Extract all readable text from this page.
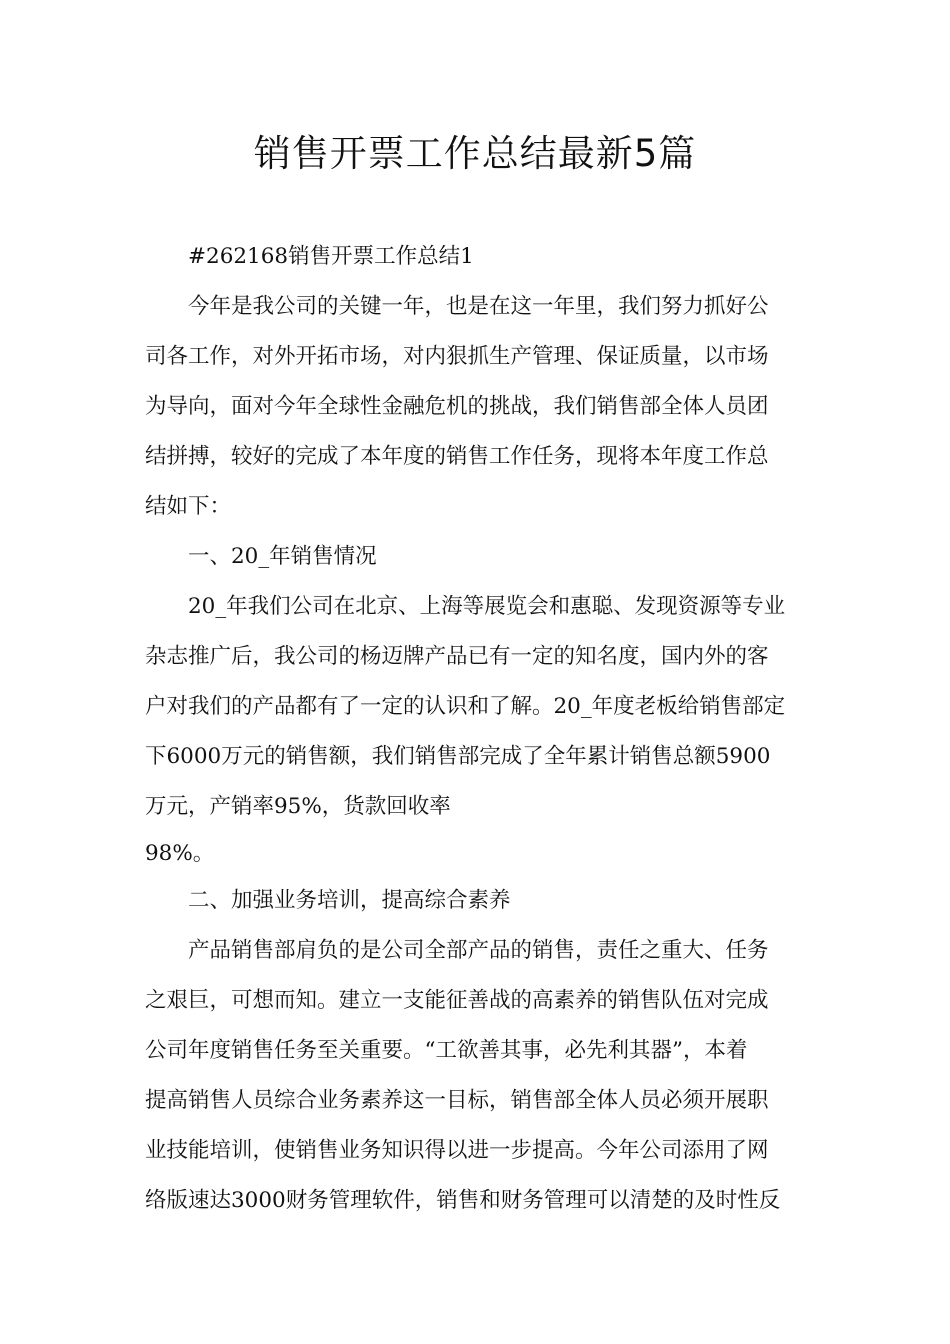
销售开票工作总结最新5篇

#262168销售开票工作总结1

今年是我公司的关键一年，也是在这一年里，我们努力抓好公
司各工作，对外开拓市场，对内狠抓生产管理、保证质量，以市场
为导向，面对今年全球性金融危机的挑战，我们销售部全体人员团
结拼搏，较好的完成了本年度的销售工作任务，现将本年度工作总
结如下：

一、20_年销售情况

20_年我们公司在北京、上海等展览会和惠聪、发现资源等专业
杂志推广后，我公司的杨迈牌产品已有一定的知名度，国内外的客
户对我们的产品都有了一定的认识和了解。20_年度老板给销售部定
下6000万元的销售额，我们销售部完成了全年累计销售总额5900
万元，产销率95%，货款回收率
98%。

二、加强业务培训，提高综合素养

产品销售部肩负的是公司全部产品的销售，责任之重大、任务
之艰巨，可想而知。建立一支能征善战的高素养的销售队伍对完成
公司年度销售任务至关重要。“工欲善其事，必先利其器”，本着
提高销售人员综合业务素养这一目标，销售部全体人员必须开展职
业技能培训，使销售业务知识得以进一步提高。今年公司添用了网
络版速达3000财务管理软件，销售和财务管理可以清楚的及时性反
